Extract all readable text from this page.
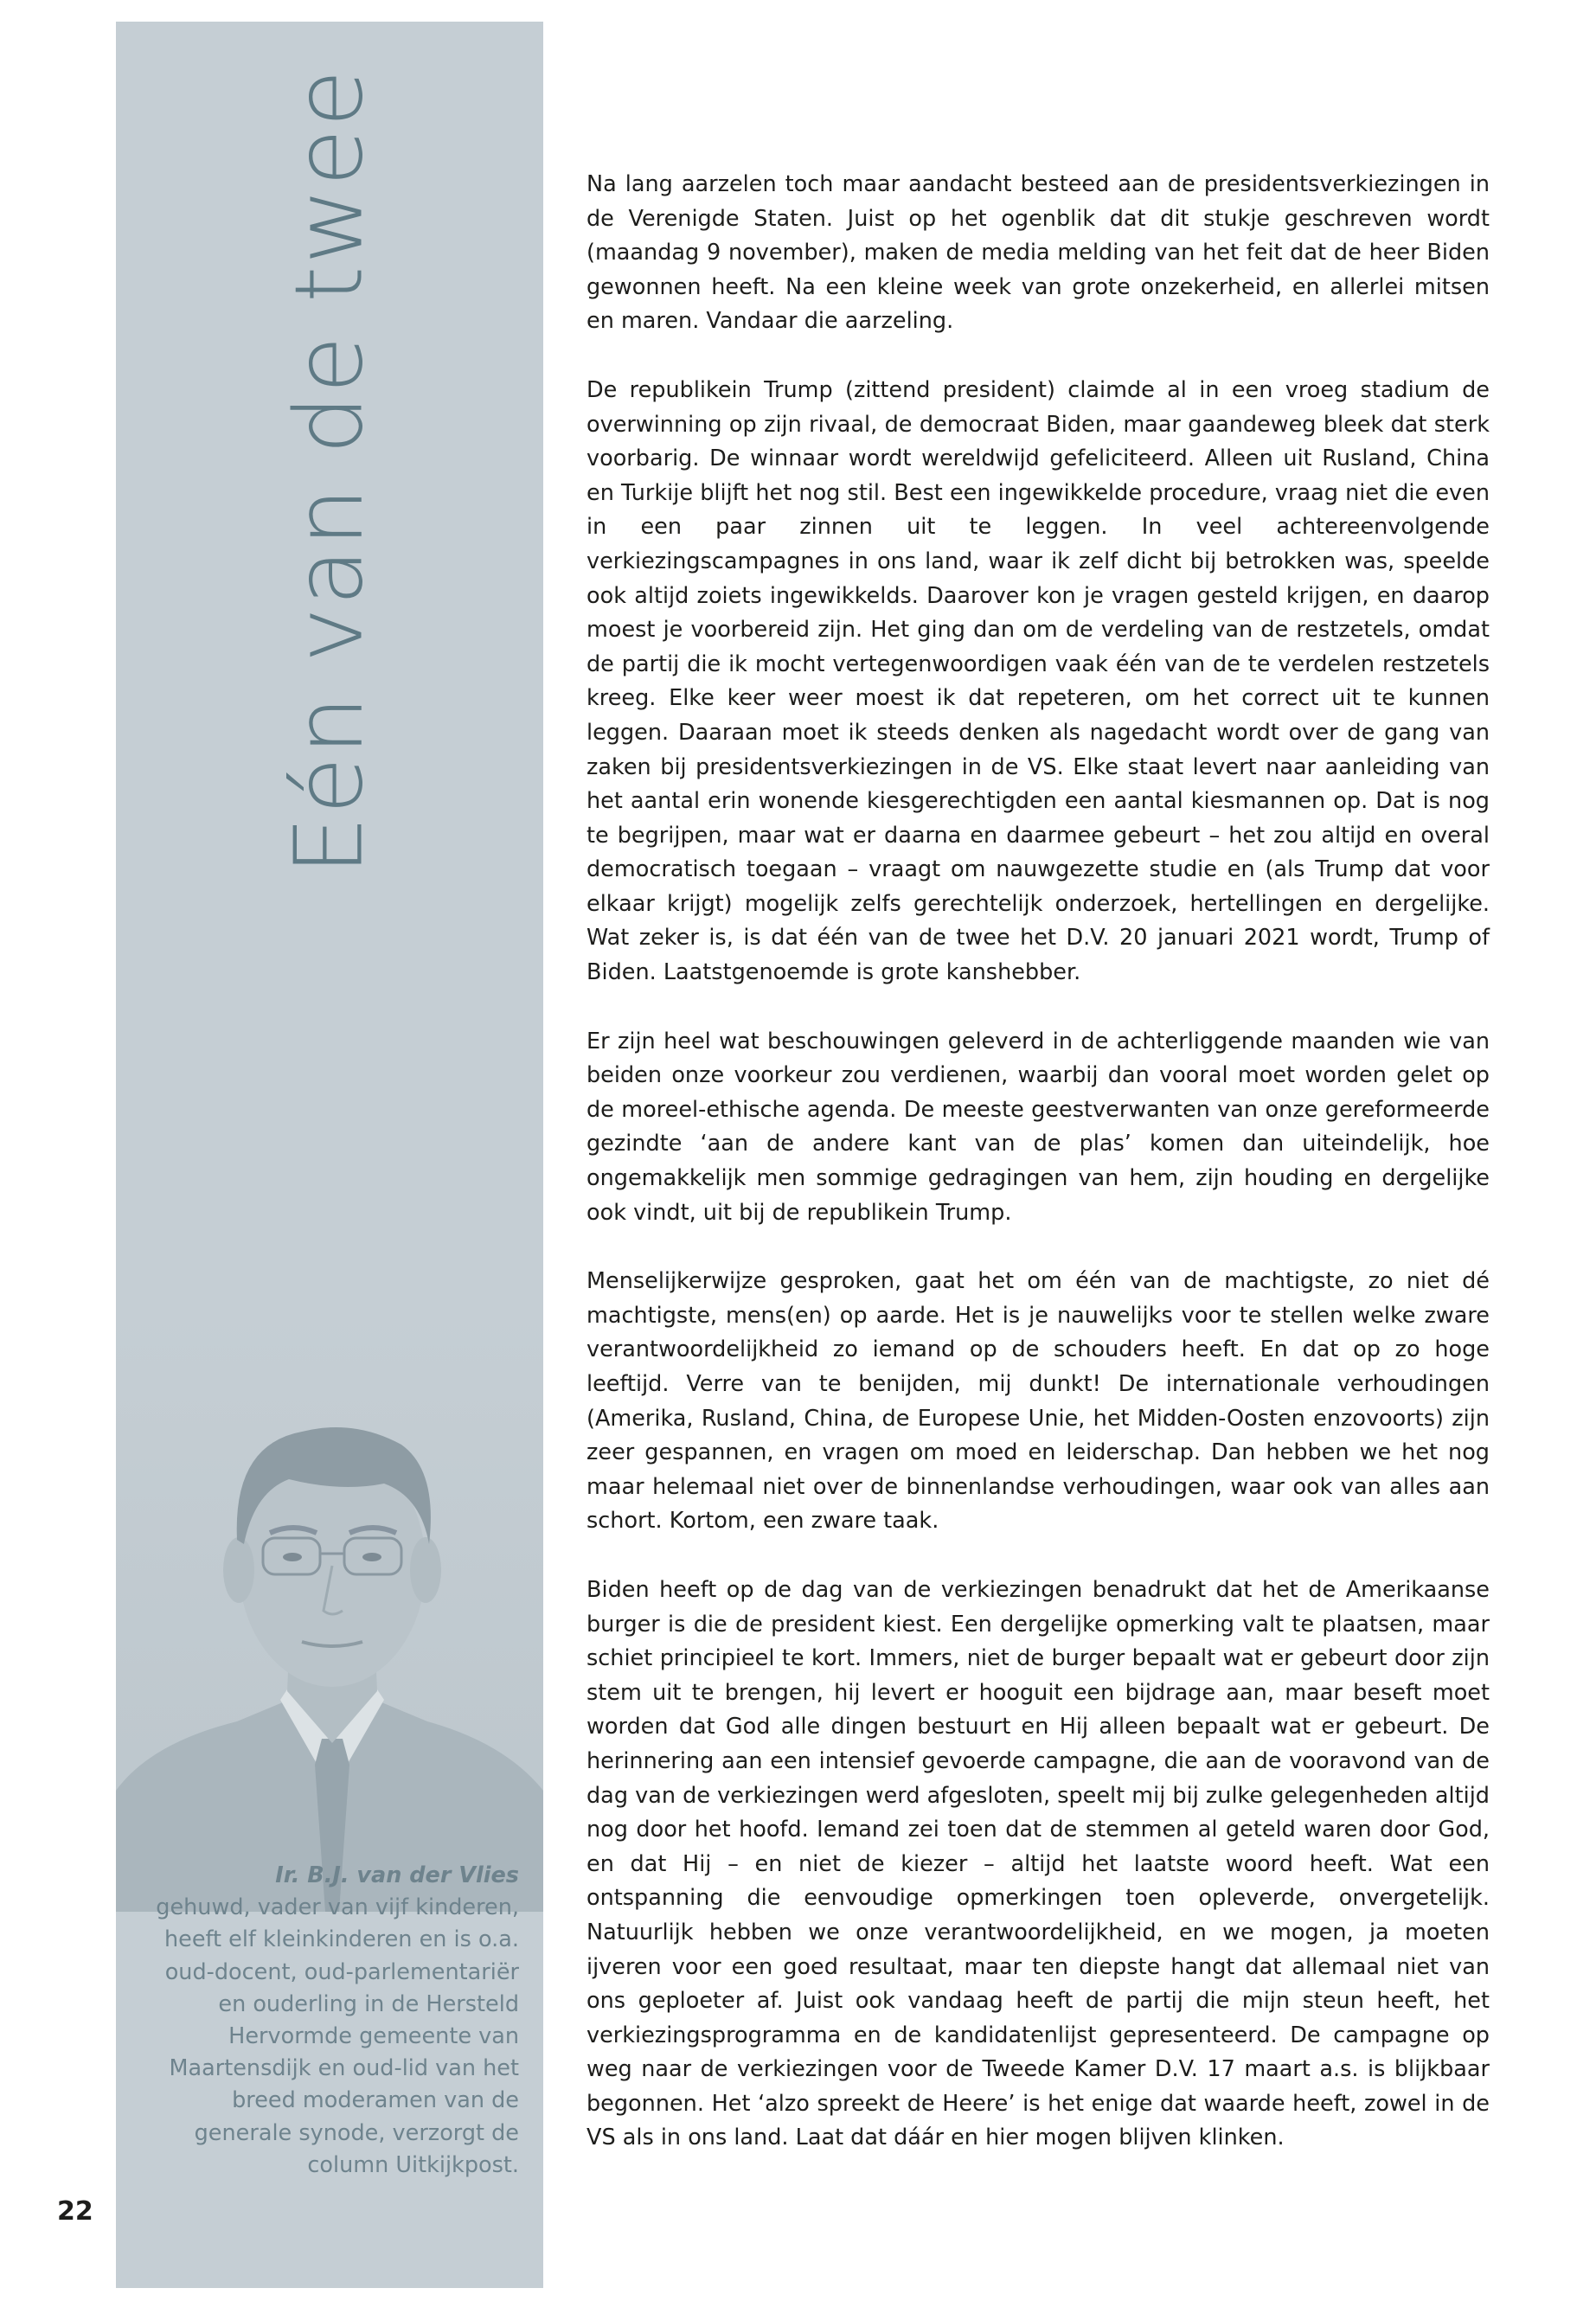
Eén van de twee

Ir. B.J. van der Vlies
gehuwd, vader van vijf kinderen, heeft elf kleinkinderen en is o.a. oud-docent, oud-parlementariër en ouderling in de Hersteld Hervormde gemeente van Maartensdijk en oud-lid van het breed moderamen van de generale synode, verzorgt de column Uitkijkpost.

Na lang aarzelen toch maar aandacht besteed aan de presidentsverkiezingen in de Verenigde Staten. Juist op het ogenblik dat dit stukje geschreven wordt (maandag 9 november), maken de media melding van het feit dat de heer Biden gewonnen heeft. Na een kleine week van grote onzekerheid, en allerlei mitsen en maren. Vandaar die aarzeling.

De republikein Trump (zittend president) claimde al in een vroeg stadium de overwinning op zijn rivaal, de democraat Biden, maar gaandeweg bleek dat sterk voorbarig. De winnaar wordt wereldwijd gefeliciteerd. Alleen uit Rusland, China en Turkije blijft het nog stil. Best een ingewikkelde procedure, vraag niet die even in een paar zinnen uit te leggen. In veel achtereenvolgende verkiezingscampagnes in ons land, waar ik zelf dicht bij betrokken was, speelde ook altijd zoiets ingewikkelds. Daarover kon je vragen gesteld krijgen, en daarop moest je voorbereid zijn. Het ging dan om de verdeling van de restzetels, omdat de partij die ik mocht vertegenwoordigen vaak één van de te verdelen restzetels kreeg. Elke keer weer moest ik dat repeteren, om het correct uit te kunnen leggen. Daaraan moet ik steeds denken als nagedacht wordt over de gang van zaken bij presidentsverkiezingen in de VS. Elke staat levert naar aanleiding van het aantal erin wonende kiesgerechtigden een aantal kiesmannen op. Dat is nog te begrijpen, maar wat er daarna en daarmee gebeurt – het zou altijd en overal democratisch toegaan – vraagt om nauwgezette studie en (als Trump dat voor elkaar krijgt) mogelijk zelfs gerechtelijk onderzoek, hertellingen en dergelijke. Wat zeker is, is dat één van de twee het D.V. 20 januari 2021 wordt, Trump of Biden. Laatstgenoemde is grote kanshebber.

Er zijn heel wat beschouwingen geleverd in de achterliggende maanden wie van beiden onze voorkeur zou verdienen, waarbij dan vooral moet worden gelet op de moreel-ethische agenda. De meeste geestverwanten van onze gereformeerde gezindte ‘aan de andere kant van de plas’ komen dan uiteindelijk, hoe ongemakkelijk men sommige gedragingen van hem, zijn houding en dergelijke ook vindt, uit bij de republikein Trump.

Menselijkerwijze gesproken, gaat het om één van de machtigste, zo niet dé machtigste, mens(en) op aarde. Het is je nauwelijks voor te stellen welke zware verantwoordelijkheid zo iemand op de schouders heeft. En dat op zo hoge leeftijd. Verre van te benijden, mij dunkt! De internationale verhoudingen (Amerika, Rusland, China, de Europese Unie, het Midden-Oosten enzovoorts) zijn zeer gespannen, en vragen om moed en leiderschap. Dan hebben we het nog maar helemaal niet over de binnenlandse verhoudingen, waar ook van alles aan schort. Kortom, een zware taak.

Biden heeft op de dag van de verkiezingen benadrukt dat het de Amerikaanse burger is die de president kiest. Een dergelijke opmerking valt te plaatsen, maar schiet principieel te kort. Immers, niet de burger bepaalt wat er gebeurt door zijn stem uit te brengen, hij levert er hooguit een bijdrage aan, maar beseft moet worden dat God alle dingen bestuurt en Hij alleen bepaalt wat er gebeurt. De herinnering aan een intensief gevoerde campagne, die aan de vooravond van de dag van de verkiezingen werd afgesloten, speelt mij bij zulke gelegenheden altijd nog door het hoofd. Iemand zei toen dat de stemmen al geteld waren door God, en dat Hij – en niet de kiezer – altijd het laatste woord heeft. Wat een ontspanning die eenvoudige opmerkingen toen opleverde, onvergetelijk. Natuurlijk hebben we onze verantwoordelijkheid, en we mogen, ja moeten ijveren voor een goed resultaat, maar ten diepste hangt dat allemaal niet van ons geploeter af. Juist ook vandaag heeft de partij die mijn steun heeft, het verkiezingsprogramma en de kandidatenlijst gepresenteerd. De campagne op weg naar de verkiezingen voor de Tweede Kamer D.V. 17 maart a.s. is blijkbaar begonnen. Het ‘alzo spreekt de Heere’ is het enige dat waarde heeft, zowel in de VS als in ons land. Laat dat dáár en hier mogen blijven klinken.

22
